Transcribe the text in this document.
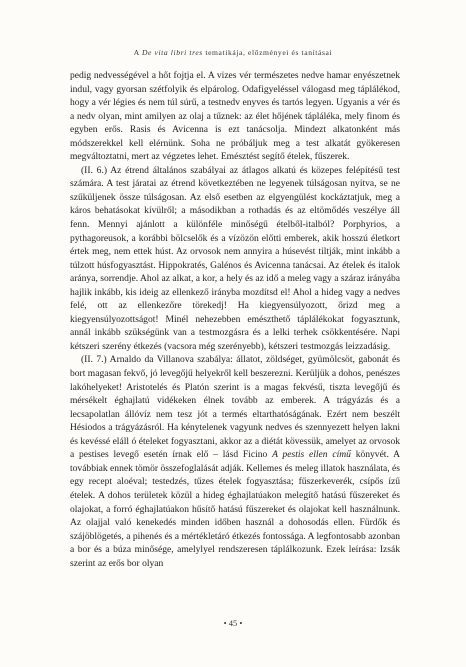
A De vita libri tres tematikája, előzményei és tanításai

pedig nedvességével a hőt fojtja el. A vizes vér természetes nedve hamar enyészetnek indul, vagy gyorsan szétfolyik és elpárolog. Odafigyeléssel válogasd meg táplálékod, hogy a vér légies és nem túl súrű, a testnedv enyves és tartós legyen. Ugyanis a vér és a nedv olyan, mint amilyen az olaj a tűznek: az élet hőjének táplálékа, mely finom és egyben erős. Rasis és Avicenna is ezt tanácsolja. Mindezt alkatonként más módszerekkel kell elérnünk. Soha ne próbáljuk meg a test alkatát gyökeresen megváltoztatni, mert az végzetes lehet. Emésztést segítő ételek, fűszerek.

(II. 6.) Az étrend általános szabályai az átlagos alkatú és közepes felépítésű test számára. A test járatai az étrend következtében ne legyenek túlságosan nyitva, se ne szűküljenek össze túlságosan. Az első esetben az elgyengülést kockáztatjuk, meg a káros behatásokat kívülről; a másodikban a rothadás és az eltömődés veszélye áll fenn. Mennyi ajánlott a különféle minőségű ételből-italból? Porphyrios, a pythagoreusok, a korábbi bölcselők és a vízözön előtti emberek, akik hosszú életkort értek meg, nem ettek húst. Az orvosok nem annyira a húsevést tiltják, mint inkább a túlzott húsfogyasztást. Hippokratés, Galénos és Avicenna tanácsai. Az ételek és italok aránya, sorrendje. Ahol az alkat, a kor, a hely és az idő a meleg vagy a száraz irányába hajlik inkább, kis ideig az ellenkező irányba mozdítsd el! Ahol a hideg vagy a nedves felé, ott az ellenkezőre törekedj! Ha kiegyensúlyozott, őrizd meg a kiegyensúlyozottságot! Minél nehezebben emészthető táplálékokat fogyasztunk, annál inkább szükségünk van a testmozgásra és a lelki terhek csökkentésére. Napi kétszeri szerény étkezés (vacsora még szerényebb), kétszeri testmozgás leizzadásig.

(II. 7.) Arnaldo da Villanova szabálya: állatot, zöldséget, gyümölcsöt, gabonát és bort magasan fekvő, jó levegőjű helyekről kell beszerezni. Kerüljük a dohos, penészes lakóhelyeket! Aristotelés és Platón szerint is a magas fekvésű, tiszta levegőjű és mérsékelt éghajlatú vidékeken élnek tovább az emberek. A trágyázás és a lecsapolatlan állóvíz nem tesz jót a termés eltarthatóságának. Ezért nem beszélt Hésiodos a trágyázásról. Ha kénytelenek vagyunk nedves és szennyezett helyen lakni és kevéssé eláll ó ételeket fogyasztani, akkor az a diétát kövessük, amelyet az orvosok a pestises levegő esetén írnak elő – lásd Ficino A pestis ellen című könyvét. A továbbiak ennek tömör összefoglalását adják. Kellemes és meleg illatok használata, és egy recept aloéval; testedzés, tűzes ételek fogyasztása; fűszerkeverék, csípős ízű ételek. A dohos területek közül a hideg éghajlatúakon melegítő hatású fűszereket és olajokat, a forró éghajlatúakon hűsítő hatású fűszereket és olajokat kell használnunk. Az olajjal való kenekedés minden időben használ a dohosodás ellen. Fürdők és szájöblögetés, a pihenés és a mértékletáró étkezés fontossága. A legfontosabb azonban a bor és a búza minősége, amelylyel rendszeresen táplálkozunk. Ezek leírása: Izsák szerint az erős bor olyan

• 45 •
